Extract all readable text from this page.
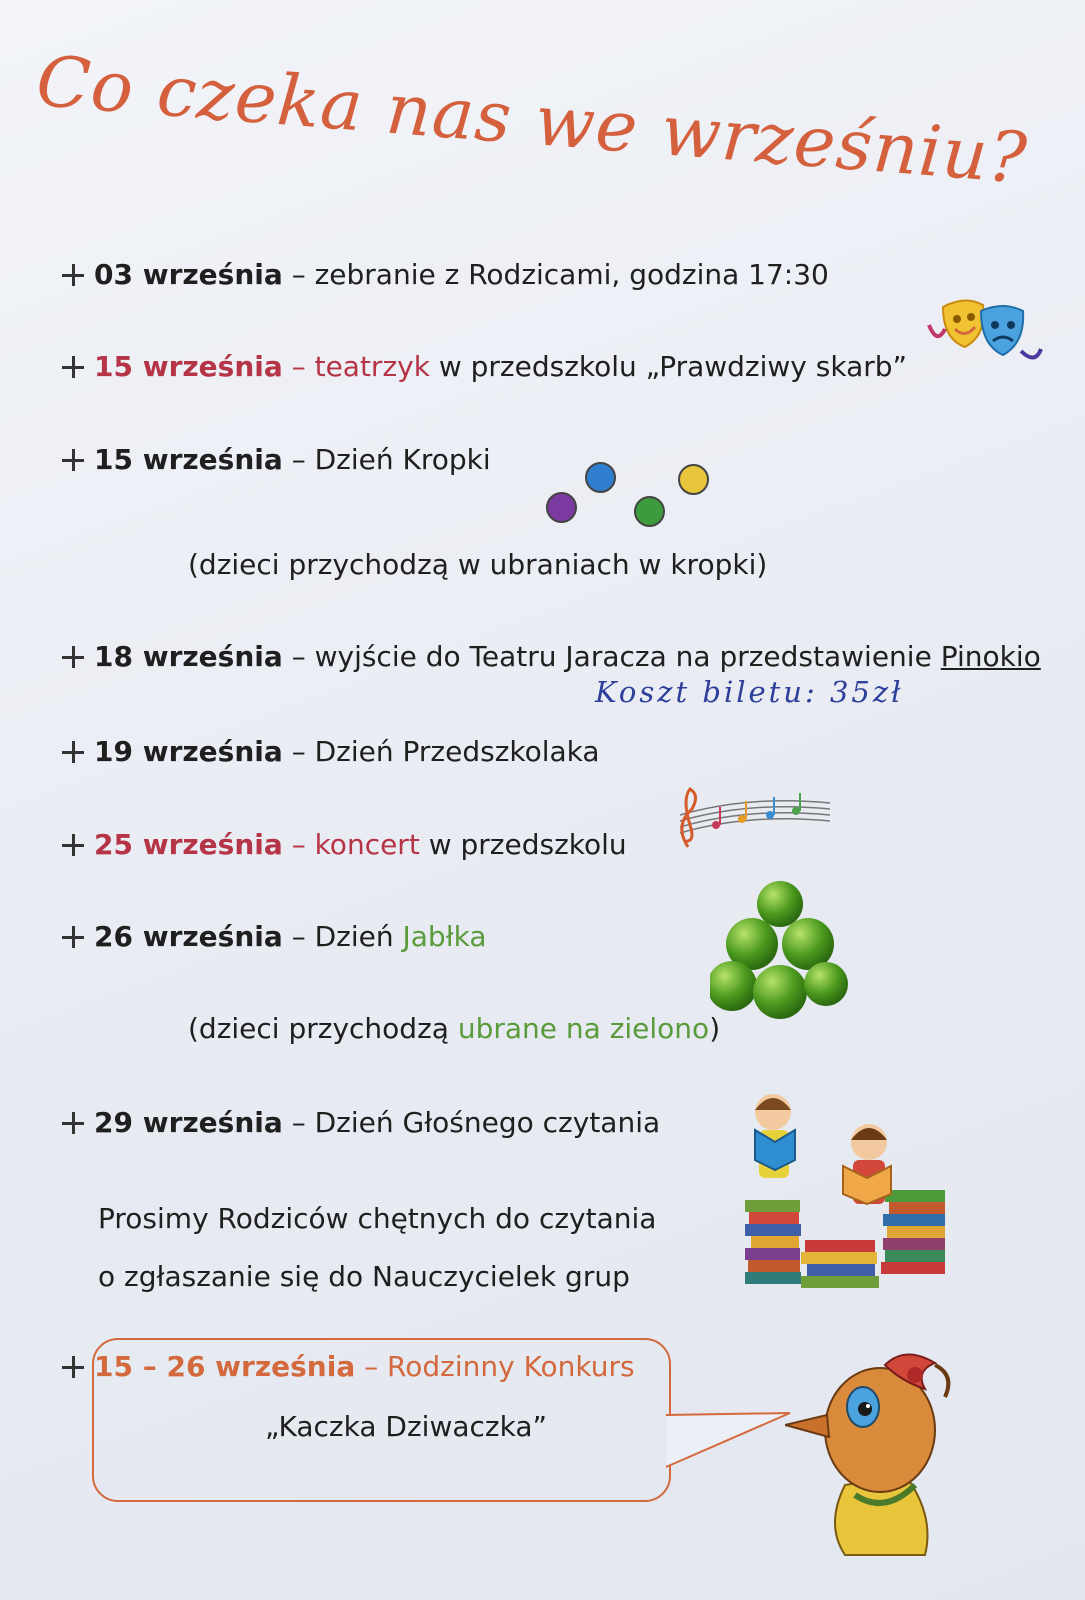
Co czeka nas we wrześniu?
03 września – zebranie z Rodzicami, godzina 17:30
15 września – teatrzyk w przedszkolu „Prawdziwy skarb”
15 września – Dzień Kropki
(dzieci przychodzą w ubraniach w kropki)
18 września – wyjście do Teatru Jaracza na przedstawienie Pinokio
Koszt biletu: 35zł
19 września – Dzień Przedszkolaka
25 września – koncert w przedszkolu
26 września – Dzień Jabłka
(dzieci przychodzą ubrane na zielono)
29 września – Dzień Głośnego czytania
Prosimy Rodziców chętnych do czytania
o zgłaszanie się do Nauczycielek grup
15 – 26 września – Rodzinny Konkurs
„Kaczka Dziwaczka”
